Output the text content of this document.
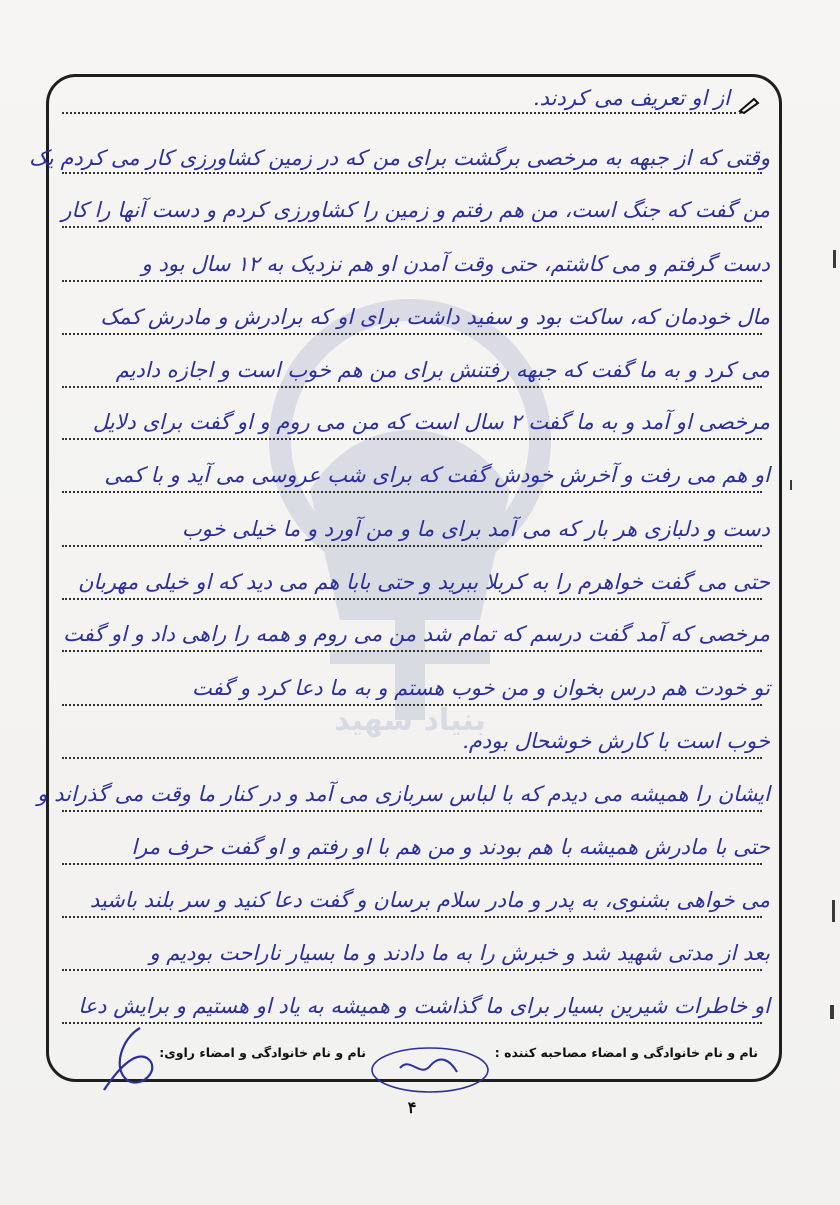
بنیاد شهید
از او تعریف می کردند.
وقتی که از جبهه به مرخصی برگشت برای من که در زمین کشاورزی کار می کردم یک
من گفت که جنگ است، من هم رفتم و زمین را کشاورزی کردم و دست آنها را کار
دست گرفتم و می کاشتم، حتی وقت آمدن او هم نزدیک به ۱۲ سال بود و
مال خودمان که، ساکت بود و سفید داشت برای او که برادرش و مادرش کمک
می کرد و به ما گفت که جبهه رفتنش برای من هم خوب است و اجازه دادیم
مرخصی او آمد و به ما گفت ۲ سال است که من می روم و او گفت برای دلایل
او هم می رفت و آخرش خودش گفت که برای شب عروسی می آید و با کمی
دست و دلبازی هر بار که می آمد برای ما و من آورد و ما خیلی خوب
حتی می گفت خواهرم را به کربلا ببرید و حتی بابا هم می دید که او خیلی مهربان
مرخصی که آمد گفت درسم که تمام شد من می روم و همه را راهی داد و او گفت
تو خودت هم درس بخوان و من خوب هستم و به ما دعا کرد و گفت
خوب است با کارش خوشحال بودم.
ایشان را همیشه می دیدم که با لباس سربازی می آمد و در کنار ما وقت می گذراند و
حتی با مادرش همیشه با هم بودند و من هم با او رفتم و او گفت حرف مرا
می خواهی بشنوی، به پدر و مادر سلام برسان و گفت دعا کنید و سر بلند باشید
بعد از مدتی شهید شد و خبرش را به ما دادند و ما بسیار ناراحت بودیم و
او خاطرات شیرین بسیار برای ما گذاشت و همیشه به یاد او هستیم و برایش دعا
نام و نام خانوادگی و امضاء مصاحبه کننده :
نام و نام خانوادگی و امضاء راوی:
۴
